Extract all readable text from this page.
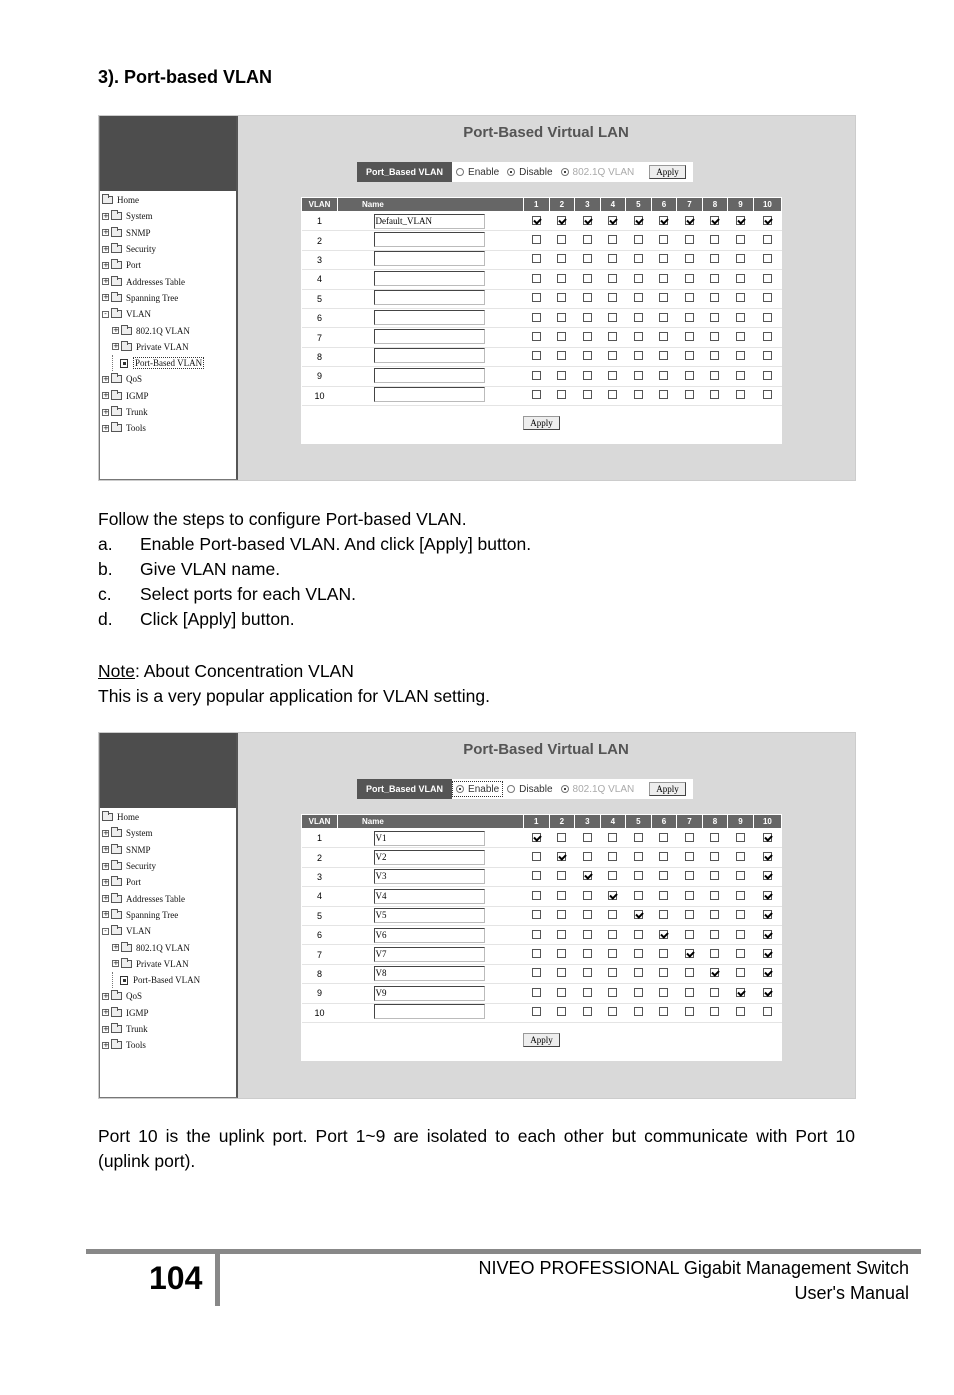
3). Port-based VLAN
Home
+ System
+ SNMP
+ Security
+ Port
+ Addresses Table
+ Spanning Tree
- VLAN
+ 802.1Q VLAN
+ Private VLAN
Port-Based VLAN
+ QoS
+ IGMP
+ Trunk
+ Tools
Port-Based Virtual LAN
Port_Based VLAN	Enable Disable 802.1Q VLAN	Apply
VLAN	Name	1	2	3	4	5	6	7	8	9	10
1	Default_VLAN										
2											
3											
4											
5											
6											
7											
8											
9											
10											
Apply
Follow the steps to configure Port-based VLAN.
a.	Enable Port-based VLAN. And click [Apply] button.
b.	Give VLAN name.
c.	Select ports for each VLAN.
d.	Click [Apply] button.
Note: About Concentration VLAN
This is a very popular application for VLAN setting.
Home
+ System
+ SNMP
+ Security
+ Port
+ Addresses Table
+ Spanning Tree
- VLAN
+ 802.1Q VLAN
+ Private VLAN
Port-Based VLAN
+ QoS
+ IGMP
+ Trunk
+ Tools
Port-Based Virtual LAN
Port_Based VLAN	Enable Disable 802.1Q VLAN	Apply
VLAN	Name	1	2	3	4	5	6	7	8	9	10
1	V1										
2	V2										
3	V3										
4	V4										
5	V5										
6	V6										
7	V7										
8	V8										
9	V9										
10											
Apply
Port 10 is the uplink port. Port 1~9 are isolated to each other but communicate with Port 10 (uplink port).
104	NIVEO PROFESSIONAL Gigabit Management Switch
User's Manual
